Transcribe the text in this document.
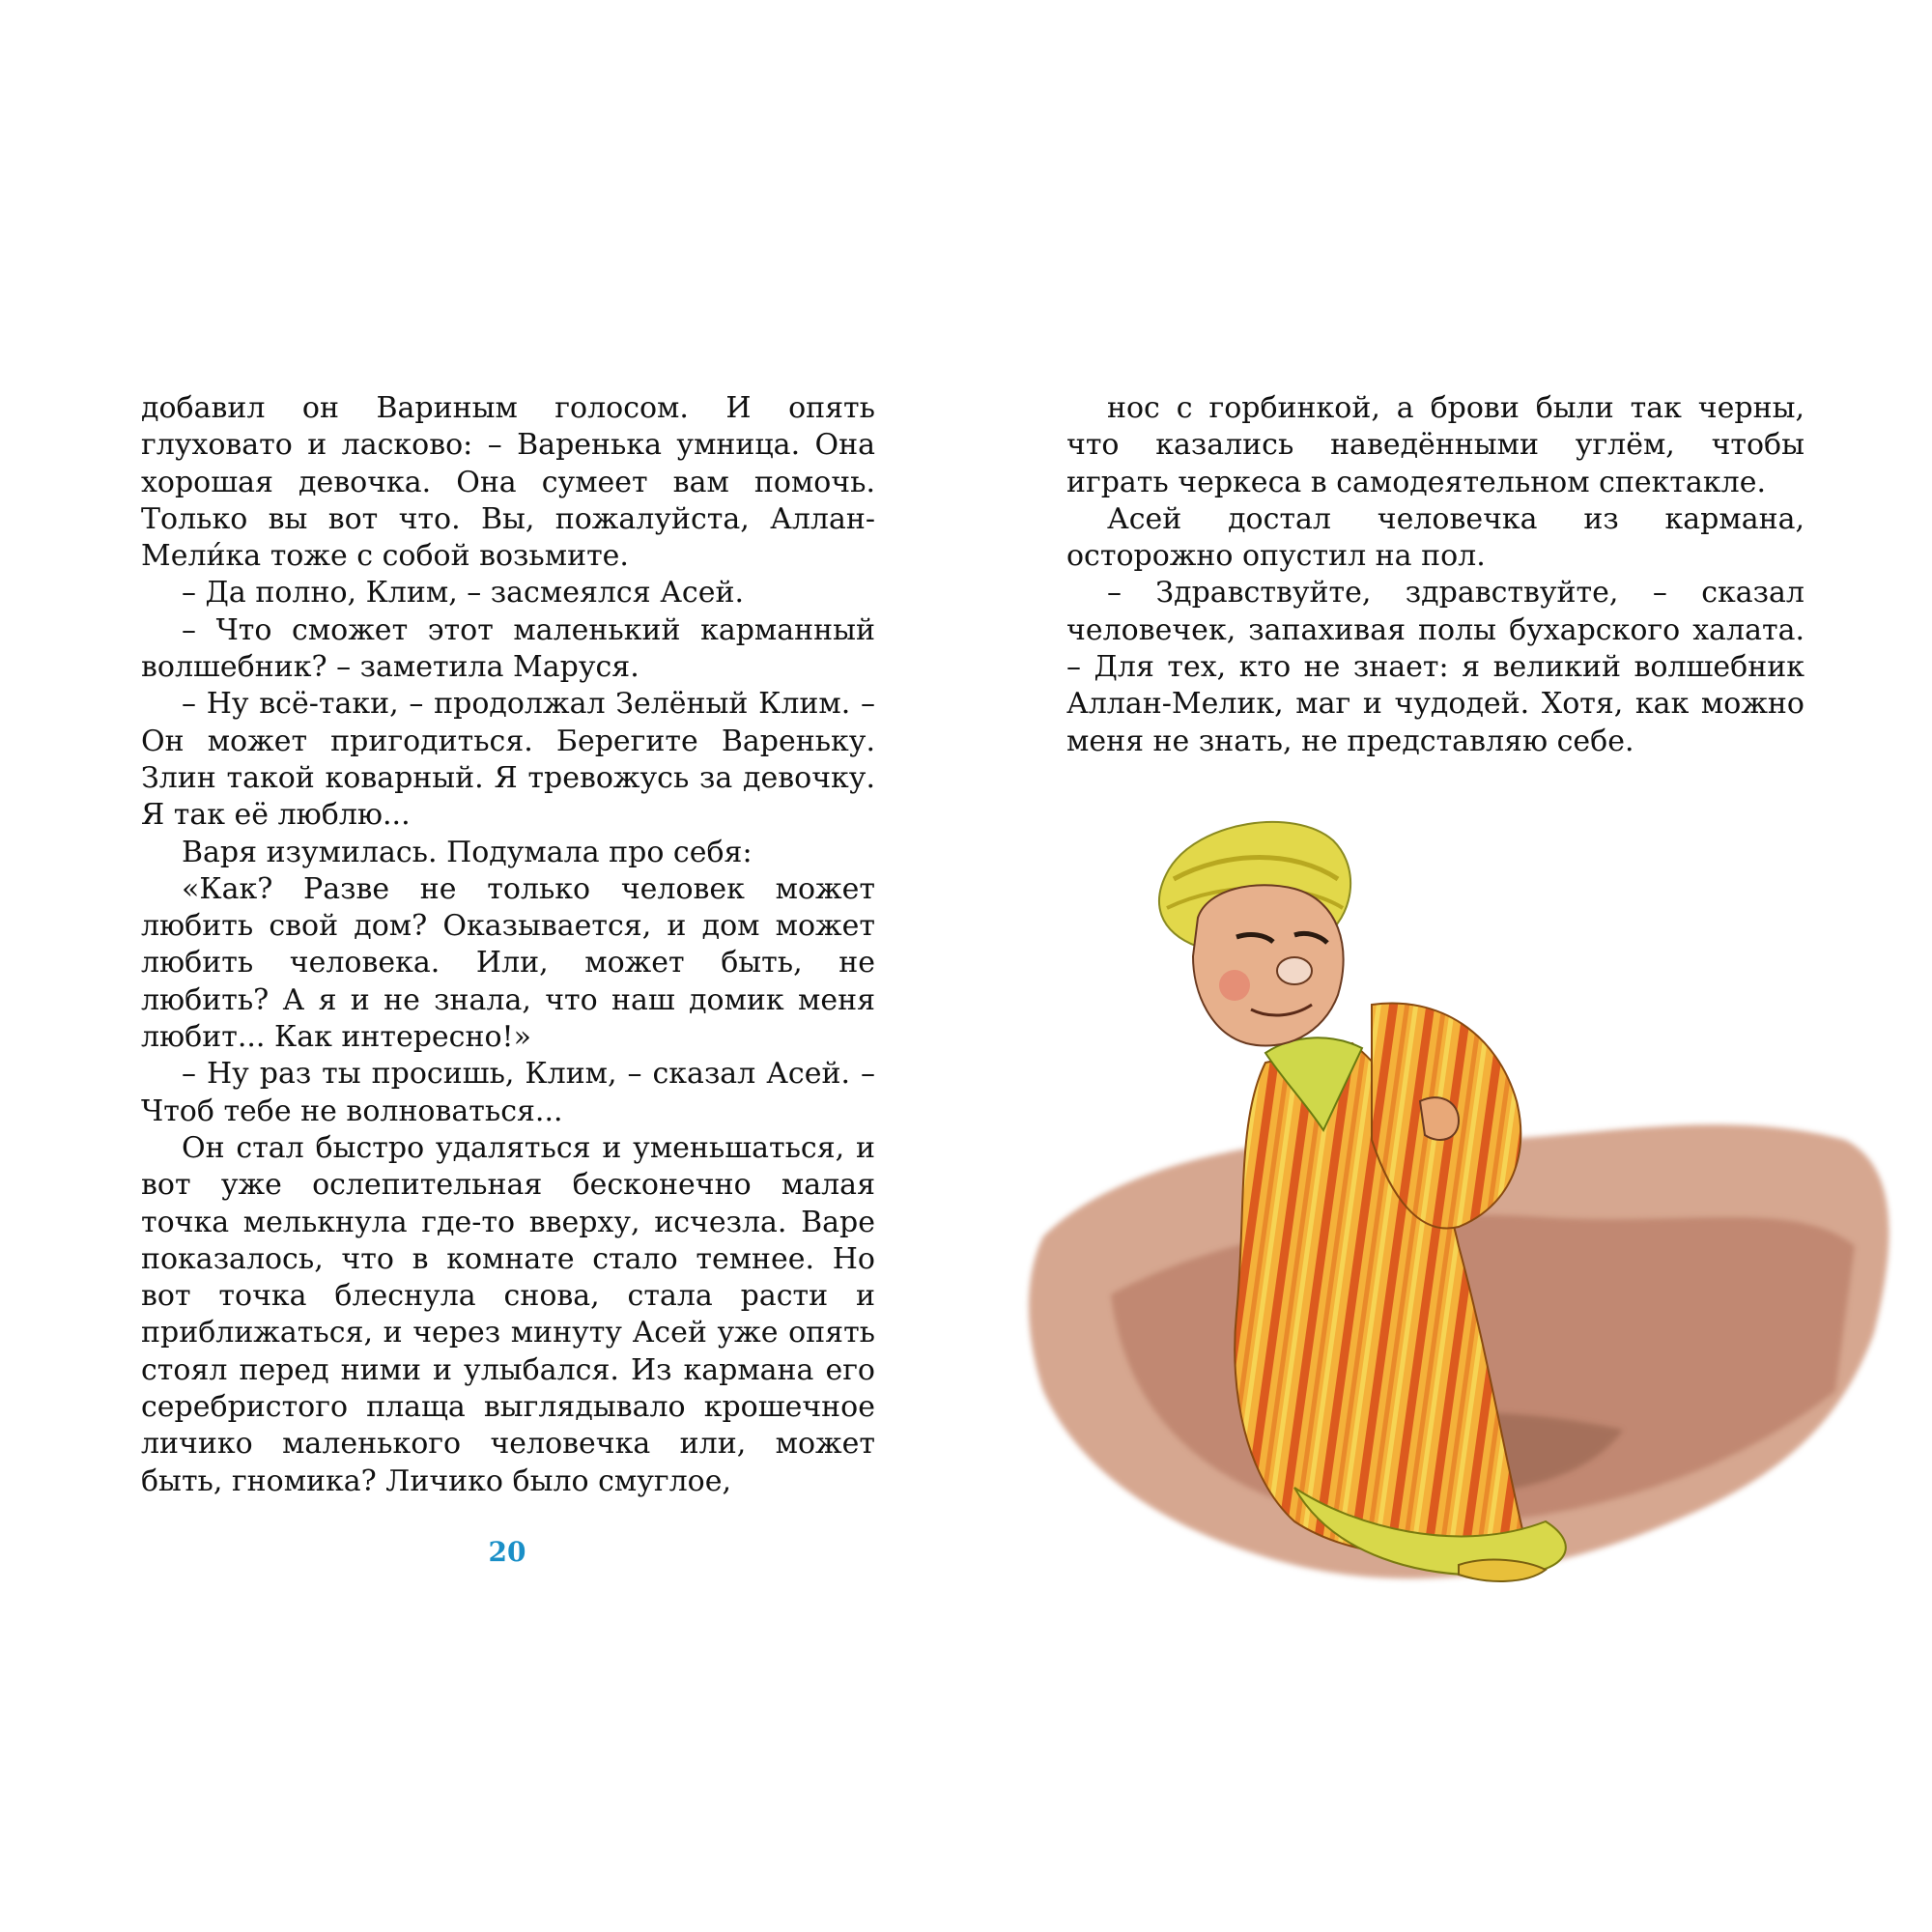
добавил он Вариным голосом. И опять глуховато и ласково: – Варенька умница. Она хорошая девочка. Она сумеет вам помочь. Только вы вот что. Вы, пожалуйста, Аллан-Мели́ка тоже с собой возьмите.

– Да полно, Клим, – засмеялся Асей.

– Что сможет этот маленький карманный волшебник? – заметила Маруся.

– Ну всё-таки, – продолжал Зелёный Клим. – Он может пригодиться. Берегите Вареньку. Злин такой коварный. Я тревожусь за девочку. Я так её люблю...

Варя изумилась. Подумала про себя:

«Как? Разве не только человек может любить свой дом? Оказывается, и дом может любить человека. Или, может быть, не любить? А я и не знала, что наш домик меня любит... Как интересно!»

– Ну раз ты просишь, Клим, – сказал Асей. – Чтоб тебе не волноваться...

Он стал быстро удаляться и уменьшаться, и вот уже ослепительная бесконечно малая точка мелькнула где-то вверху, исчезла. Варе показалось, что в комнате стало темнее. Но вот точка блеснула снова, стала расти и приближаться, и через минуту Асей уже опять стоял перед ними и улыбался. Из кармана его серебристого плаща выглядывало крошечное личико маленького человечка или, может быть, гномика? Личико было смуглое,

20

нос с горбинкой, а брови были так черны, что казались наведёнными углём, чтобы играть черкеса в самодеятельном спектакле.

Асей достал человечка из кармана, осторожно опустил на пол.

– Здравствуйте, здравствуйте, – сказал человечек, запахивая полы бухарского халата. – Для тех, кто не знает: я великий волшебник Аллан-Мелик, маг и чудодей. Хотя, как можно меня не знать, не представляю себе.
